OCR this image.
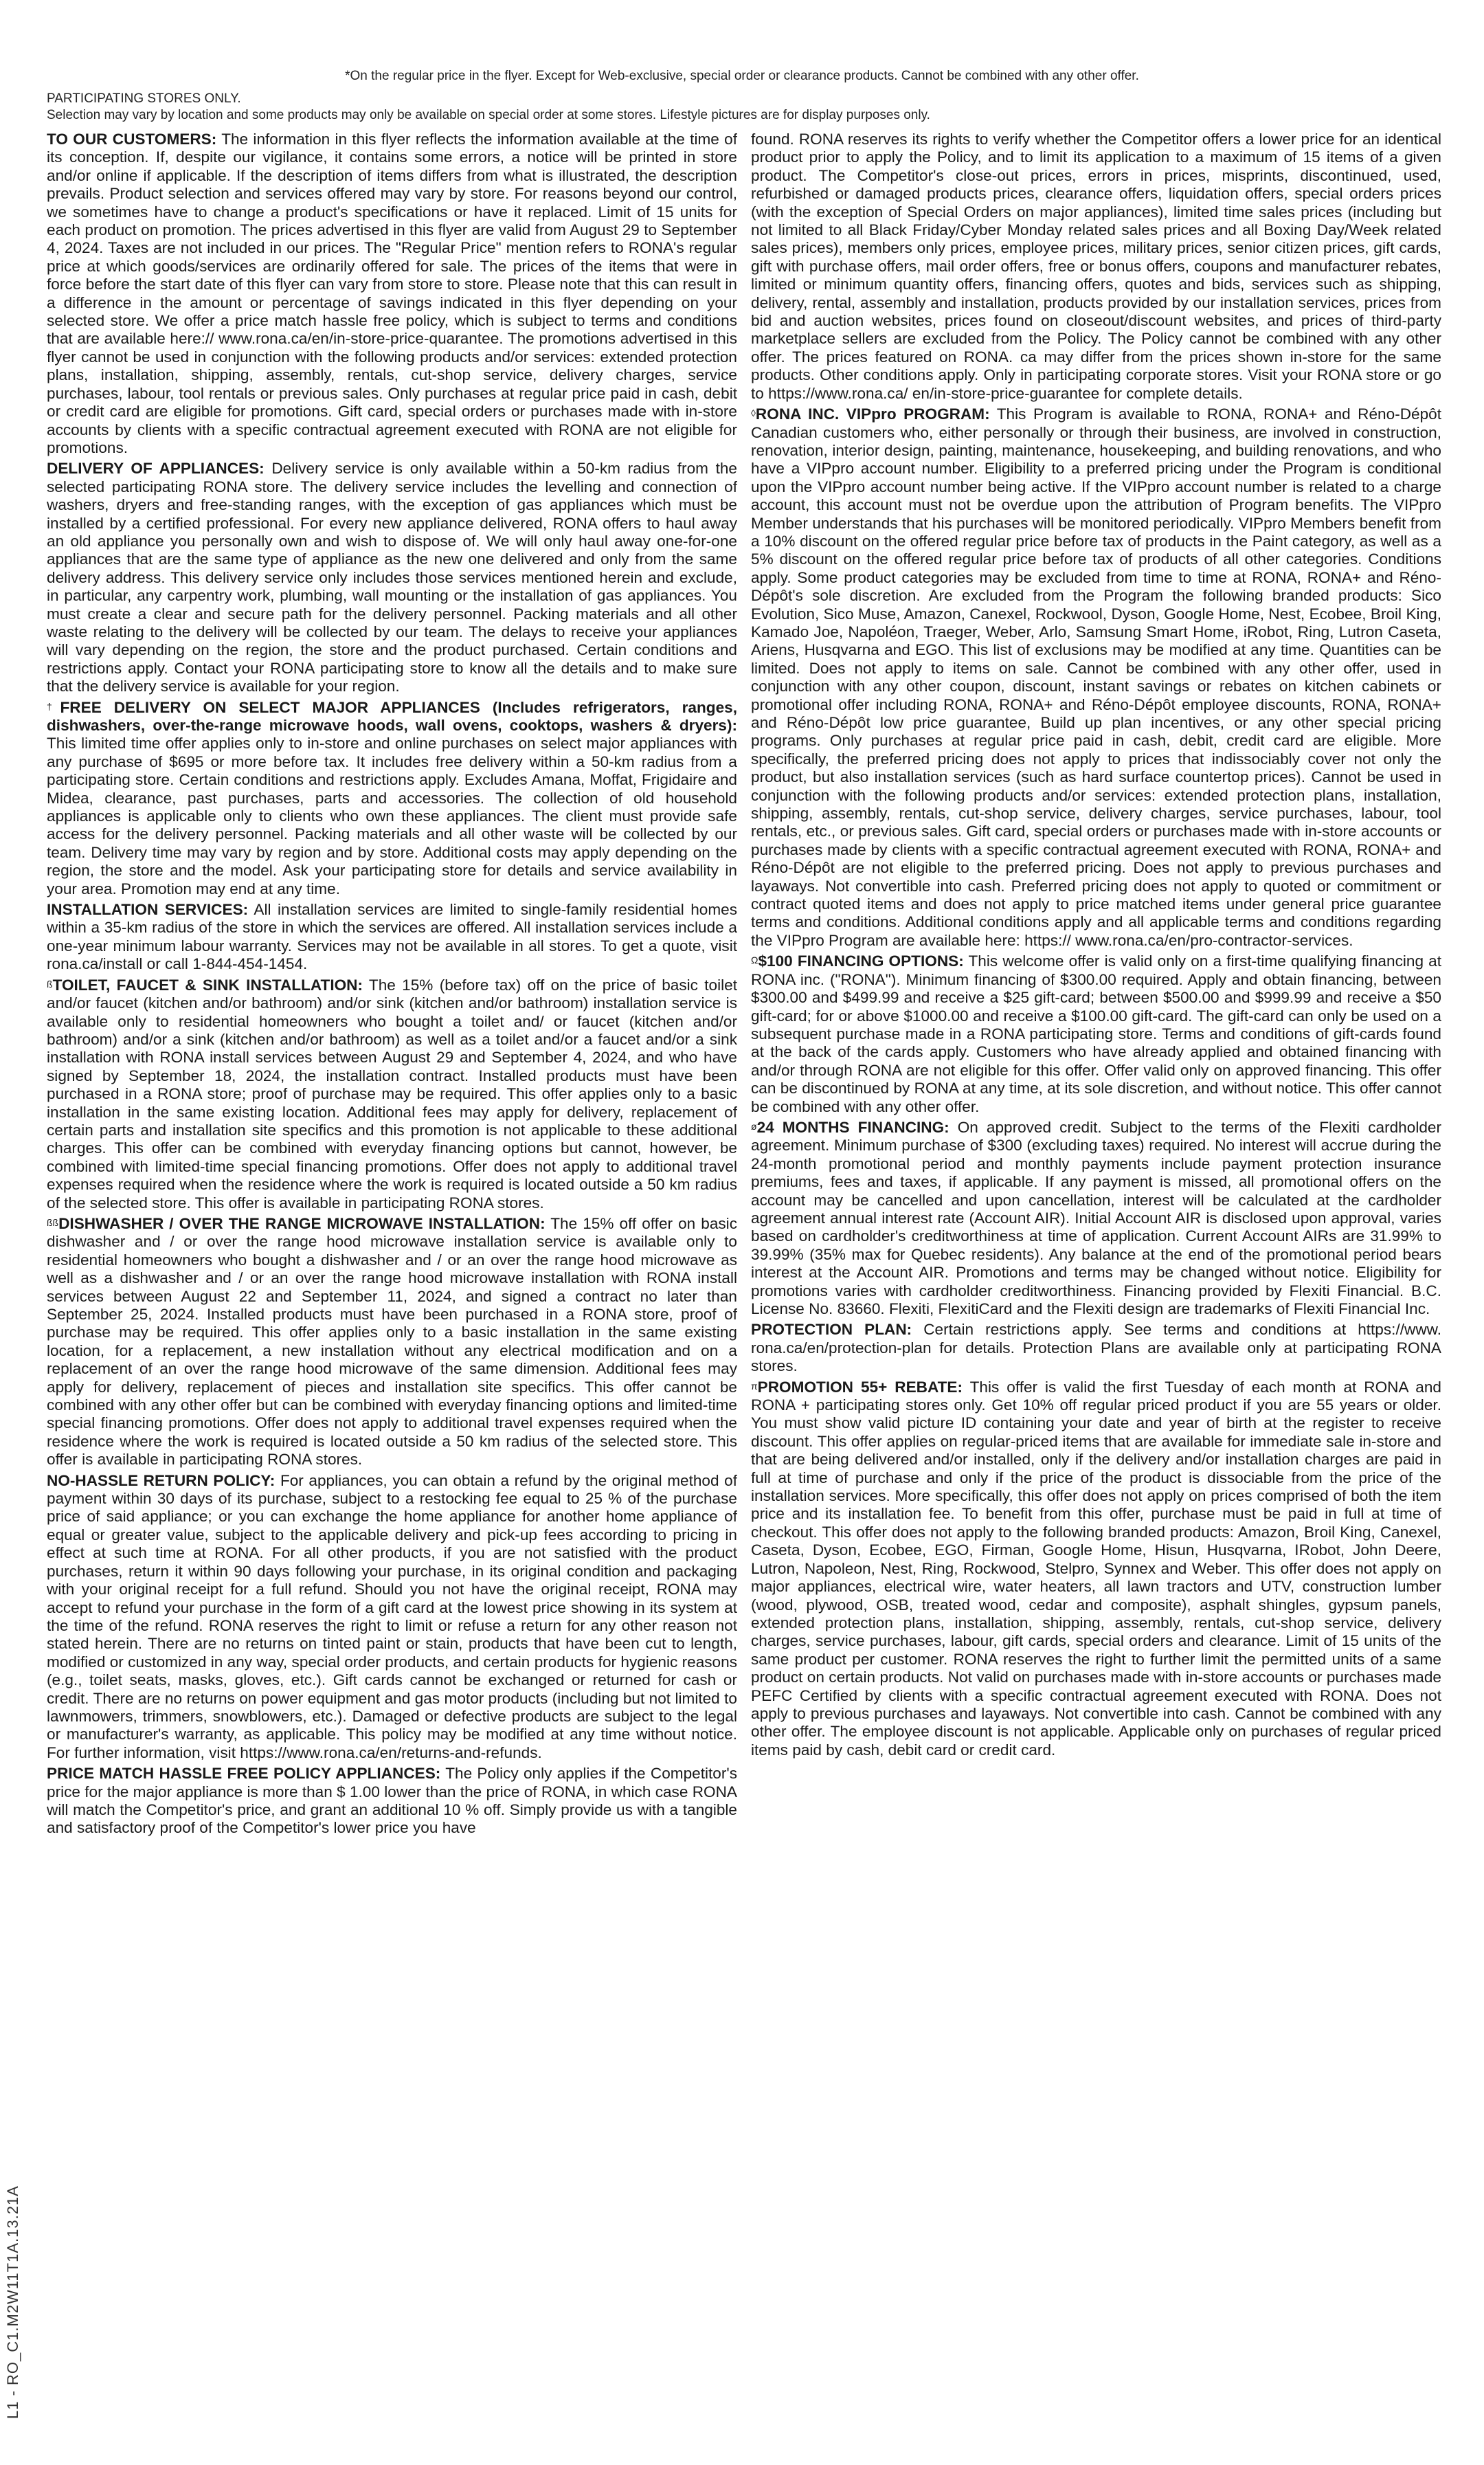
*On the regular price in the flyer. Except for Web-exclusive, special order or clearance products. Cannot be combined with any other offer.
PARTICIPATING STORES ONLY.
Selection may vary by location and some products may only be available on special order at some stores. Lifestyle pictures are for display purposes only.

TO OUR CUSTOMERS: The information in this flyer reflects the information available at the time of its conception. If, despite our vigilance, it contains some errors, a notice will be printed in store and/or online if applicable. If the description of items differs from what is illustrated, the description prevails. Product selection and services offered may vary by store. For reasons beyond our control, we sometimes have to change a product's specifications or have it replaced. Limit of 15 units for each product on promotion. The prices advertised in this flyer are valid from August 29 to September 4, 2024. Taxes are not included in our prices. The "Regular Price" mention refers to RONA's regular price at which goods/services are ordinarily offered for sale. The prices of the items that were in force before the start date of this flyer can vary from store to store. Please note that this can result in a difference in the amount or percentage of savings indicated in this flyer depending on your selected store. We offer a price match hassle free policy, which is subject to terms and conditions that are available here:// www.rona.ca/en/in-store-price-quarantee. The promotions advertised in this flyer cannot be used in conjunction with the following products and/or services: extended protection plans, installation, shipping, assembly, rentals, cut-shop service, delivery charges, service purchases, labour, tool rentals or previous sales. Only purchases at regular price paid in cash, debit or credit card are eligible for promotions. Gift card, special orders or purchases made with in-store accounts by clients with a specific contractual agreement executed with RONA are not eligible for promotions.

DELIVERY OF APPLIANCES: Delivery service is only available within a 50-km radius from the selected participating RONA store. The delivery service includes the levelling and connection of washers, dryers and free-standing ranges, with the exception of gas appliances which must be installed by a certified professional. For every new appliance delivered, RONA offers to haul away an old appliance you personally own and wish to dispose of. We will only haul away one-for-one appliances that are the same type of appliance as the new one delivered and only from the same delivery address. This delivery service only includes those services mentioned herein and exclude, in particular, any carpentry work, plumbing, wall mounting or the installation of gas appliances. You must create a clear and secure path for the delivery personnel. Packing materials and all other waste relating to the delivery will be collected by our team. The delays to receive your appliances will vary depending on the region, the store and the product purchased. Certain conditions and restrictions apply. Contact your RONA participating store to know all the details and to make sure that the delivery service is available for your region.

†FREE DELIVERY ON SELECT MAJOR APPLIANCES (Includes refrigerators, ranges, dishwashers, over-the-range microwave hoods, wall ovens, cooktops, washers & dryers): This limited time offer applies only to in-store and online purchases on select major appliances with any purchase of $695 or more before tax. It includes free delivery within a 50-km radius from a participating store. Certain conditions and restrictions apply. Excludes Amana, Moffat, Frigidaire and Midea, clearance, past purchases, parts and accessories. The collection of old household appliances is applicable only to clients who own these appliances. The client must provide safe access for the delivery personnel. Packing materials and all other waste will be collected by our team. Delivery time may vary by region and by store. Additional costs may apply depending on the region, the store and the model. Ask your participating store for details and service availability in your area. Promotion may end at any time.

INSTALLATION SERVICES: All installation services are limited to single-family residential homes within a 35-km radius of the store in which the services are offered. All installation services include a one-year minimum labour warranty. Services may not be available in all stores. To get a quote, visit rona.ca/install or call 1-844-454-1454.

$^ß$TOILET, FAUCET & SINK INSTALLATION: The 15% (before tax) off on the price of basic toilet and/or faucet (kitchen and/or bathroom) and/or sink (kitchen and/or bathroom) installation service is available only to residential homeowners who bought a toilet and/ or faucet (kitchen and/or bathroom) and/or a sink (kitchen and/or bathroom) as well as a toilet and/or a faucet and/or a sink installation with RONA install services between August 29 and September 4, 2024, and who have signed by September 18, 2024, the installation contract. Installed products must have been purchased in a RONA store; proof of purchase may be required. This offer applies only to a basic installation in the same existing location. Additional fees may apply for delivery, replacement of certain parts and installation site specifics and this promotion is not applicable to these additional charges. This offer can be combined with everyday financing options but cannot, however, be combined with limited-time special financing promotions. Offer does not apply to additional travel expenses required when the residence where the work is required is located outside a 50 km radius of the selected store. This offer is available in participating RONA stores.

$^{ßß}$DISHWASHER / OVER THE RANGE MICROWAVE INSTALLATION: The 15% off offer on basic dishwasher and / or over the range hood microwave installation service is available only to residential homeowners who bought a dishwasher and / or an over the range hood microwave as well as a dishwasher and / or an over the range hood microwave installation with RONA install services between August 22 and September 11, 2024, and signed a contract no later than September 25, 2024. Installed products must have been purchased in a RONA store, proof of purchase may be required. This offer applies only to a basic installation in the same existing location, for a replacement, a new installation without any electrical modification and on a replacement of an over the range hood microwave of the same dimension. Additional fees may apply for delivery, replacement of pieces and installation site specifics. This offer cannot be combined with any other offer but can be combined with everyday financing options and limited-time special financing promotions. Offer does not apply to additional travel expenses required when the residence where the work is required is located outside a 50 km radius of the selected store. This offer is available in participating RONA stores.

NO-HASSLE RETURN POLICY: For appliances, you can obtain a refund by the original method of payment within 30 days of its purchase, subject to a restocking fee equal to 25 % of the purchase price of said appliance; or you can exchange the home appliance for another home appliance of equal or greater value, subject to the applicable delivery and pick-up fees according to pricing in effect at such time at RONA. For all other products, if you are not satisfied with the product purchases, return it within 90 days following your purchase, in its original condition and packaging with your original receipt for a full refund. Should you not have the original receipt, RONA may accept to refund your purchase in the form of a gift card at the lowest price showing in its system at the time of the refund. RONA reserves the right to limit or refuse a return for any other reason not stated herein. There are no returns on tinted paint or stain, products that have been cut to length, modified or customized in any way, special order products, and certain products for hygienic reasons (e.g., toilet seats, masks, gloves, etc.). Gift cards cannot be exchanged or returned for cash or credit. There are no returns on power equipment and gas motor products (including but not limited to lawnmowers, trimmers, snowblowers, etc.). Damaged or defective products are subject to the legal or manufacturer's warranty, as applicable. This policy may be modified at any time without notice. For further information, visit https://www.rona.ca/en/returns-and-refunds.

PRICE MATCH HASSLE FREE POLICY APPLIANCES: The Policy only applies if the Competitor's price for the major appliance is more than $ 1.00 lower than the price of RONA, in which case RONA will match the Competitor's price, and grant an additional 10 % off. Simply provide us with a tangible and satisfactory proof of the Competitor's lower price you have

found. RONA reserves its rights to verify whether the Competitor offers a lower price for an identical product prior to apply the Policy, and to limit its application to a maximum of 15 items of a given product. The Competitor's close-out prices, errors in prices, misprints, discontinued, used, refurbished or damaged products prices, clearance offers, liquidation offers, special orders prices (with the exception of Special Orders on major appliances), limited time sales prices (including but not limited to all Black Friday/Cyber Monday related sales prices and all Boxing Day/Week related sales prices), members only prices, employee prices, military prices, senior citizen prices, gift cards, gift with purchase offers, mail order offers, free or bonus offers, coupons and manufacturer rebates, limited or minimum quantity offers, financing offers, quotes and bids, services such as shipping, delivery, rental, assembly and installation, products provided by our installation services, prices from bid and auction websites, prices found on closeout/discount websites, and prices of third-party marketplace sellers are excluded from the Policy. The Policy cannot be combined with any other offer. The prices featured on RONA. ca may differ from the prices shown in-store for the same products. Other conditions apply. Only in participating corporate stores. Visit your RONA store or go to https://www.rona.ca/ en/in-store-price-guarantee for complete details.

◊RONA INC. VIPpro PROGRAM: This Program is available to RONA, RONA+ and Réno-Dépôt Canadian customers who, either personally or through their business, are involved in construction, renovation, interior design, painting, maintenance, housekeeping, and building renovations, and who have a VIPpro account number. Eligibility to a preferred pricing under the Program is conditional upon the VIPpro account number being active. If the VIPpro account number is related to a charge account, this account must not be overdue upon the attribution of Program benefits. The VIPpro Member understands that his purchases will be monitored periodically. VIPpro Members benefit from a 10% discount on the offered regular price before tax of products in the Paint category, as well as a 5% discount on the offered regular price before tax of products of all other categories. Conditions apply. Some product categories may be excluded from time to time at RONA, RONA+ and Réno-Dépôt's sole discretion. Are excluded from the Program the following branded products: Sico Evolution, Sico Muse, Amazon, Canexel, Rockwool, Dyson, Google Home, Nest, Ecobee, Broil King, Kamado Joe, Napoléon, Traeger, Weber, Arlo, Samsung Smart Home, iRobot, Ring, Lutron Caseta, Ariens, Husqvarna and EGO. This list of exclusions may be modified at any time. Quantities can be limited. Does not apply to items on sale. Cannot be combined with any other offer, used in conjunction with any other coupon, discount, instant savings or rebates on kitchen cabinets or promotional offer including RONA, RONA+ and Réno-Dépôt employee discounts, RONA, RONA+ and Réno-Dépôt low price guarantee, Build up plan incentives, or any other special pricing programs. Only purchases at regular price paid in cash, debit, credit card are eligible. More specifically, the preferred pricing does not apply to prices that indissociably cover not only the product, but also installation services (such as hard surface countertop prices). Cannot be used in conjunction with the following products and/or services: extended protection plans, installation, shipping, assembly, rentals, cut-shop service, delivery charges, service purchases, labour, tool rentals, etc., or previous sales. Gift card, special orders or purchases made with in-store accounts or purchases made by clients with a specific contractual agreement executed with RONA, RONA+ and Réno-Dépôt are not eligible to the preferred pricing. Does not apply to previous purchases and layaways. Not convertible into cash. Preferred pricing does not apply to quoted or commitment or contract quoted items and does not apply to price matched items under general price guarantee terms and conditions. Additional conditions apply and all applicable terms and conditions regarding the VIPpro Program are available here: https:// www.rona.ca/en/pro-contractor-services.

$^\Omega$\$100 FINANCING OPTIONS: This welcome offer is valid only on a first-time qualifying financing at RONA inc. ("RONA"). Minimum financing of $300.00 required. Apply and obtain financing, between $300.00 and $499.99 and receive a $25 gift-card; between $500.00 and $999.99 and receive a $50 gift-card; for or above $1000.00 and receive a $100.00 gift-card. The gift-card can only be used on a subsequent purchase made in a RONA participating store. Terms and conditions of gift-cards found at the back of the cards apply. Customers who have already applied and obtained financing with and/or through RONA are not eligible for this offer. Offer valid only on approved financing. This offer can be discontinued by RONA at any time, at its sole discretion, and without notice. This offer cannot be combined with any other offer.

$^ø$24 MONTHS FINANCING: On approved credit. Subject to the terms of the Flexiti cardholder agreement. Minimum purchase of $300 (excluding taxes) required. No interest will accrue during the 24-month promotional period and monthly payments include payment protection insurance premiums, fees and taxes, if applicable. If any payment is missed, all promotional offers on the account may be cancelled and upon cancellation, interest will be calculated at the cardholder agreement annual interest rate (Account AIR). Initial Account AIR is disclosed upon approval, varies based on cardholder's creditworthiness at time of application. Current Account AIRs are 31.99% to 39.99% (35% max for Quebec residents). Any balance at the end of the promotional period bears interest at the Account AIR. Promotions and terms may be changed without notice. Eligibility for promotions varies with cardholder creditworthiness. Financing provided by Flexiti Financial. B.C. License No. 83660. Flexiti, FlexitiCard and the Flexiti design are trademarks of Flexiti Financial Inc.

PROTECTION PLAN: Certain restrictions apply. See terms and conditions at https://www. rona.ca/en/protection-plan for details. Protection Plans are available only at participating RONA stores.

$^\pi$PROMOTION 55+ REBATE: This offer is valid the first Tuesday of each month at RONA and RONA + participating stores only. Get 10% off regular priced product if you are 55 years or older. You must show valid picture ID containing your date and year of birth at the register to receive discount. This offer applies on regular-priced items that are available for immediate sale in-store and that are being delivered and/or installed, only if the delivery and/or installation charges are paid in full at time of purchase and only if the price of the product is dissociable from the price of the installation services. More specifically, this offer does not apply on prices comprised of both the item price and its installation fee. To benefit from this offer, purchase must be paid in full at time of checkout. This offer does not apply to the following branded products: Amazon, Broil King, Canexel, Caseta, Dyson, Ecobee, EGO, Firman, Google Home, Hisun, Husqvarna, IRobot, John Deere, Lutron, Napoleon, Nest, Ring, Rockwood, Stelpro, Synnex and Weber. This offer does not apply on major appliances, electrical wire, water heaters, all lawn tractors and UTV, construction lumber (wood, plywood, OSB, treated wood, cedar and composite), asphalt shingles, gypsum panels, extended protection plans, installation, shipping, assembly, rentals, cut-shop service, delivery charges, service purchases, labour, gift cards, special orders and clearance. Limit of 15 units of the same product per customer. RONA reserves the right to further limit the permitted units of a same product on certain products. Not valid on purchases made with in-store accounts or purchases made PEFC Certified by clients with a specific contractual agreement executed with RONA. Does not apply to previous purchases and layaways. Not convertible into cash. Cannot be combined with any other offer. The employee discount is not applicable. Applicable only on purchases of regular priced items paid by cash, debit card or credit card.

L1 - RO_C1.M2W11T1A.13.21A
